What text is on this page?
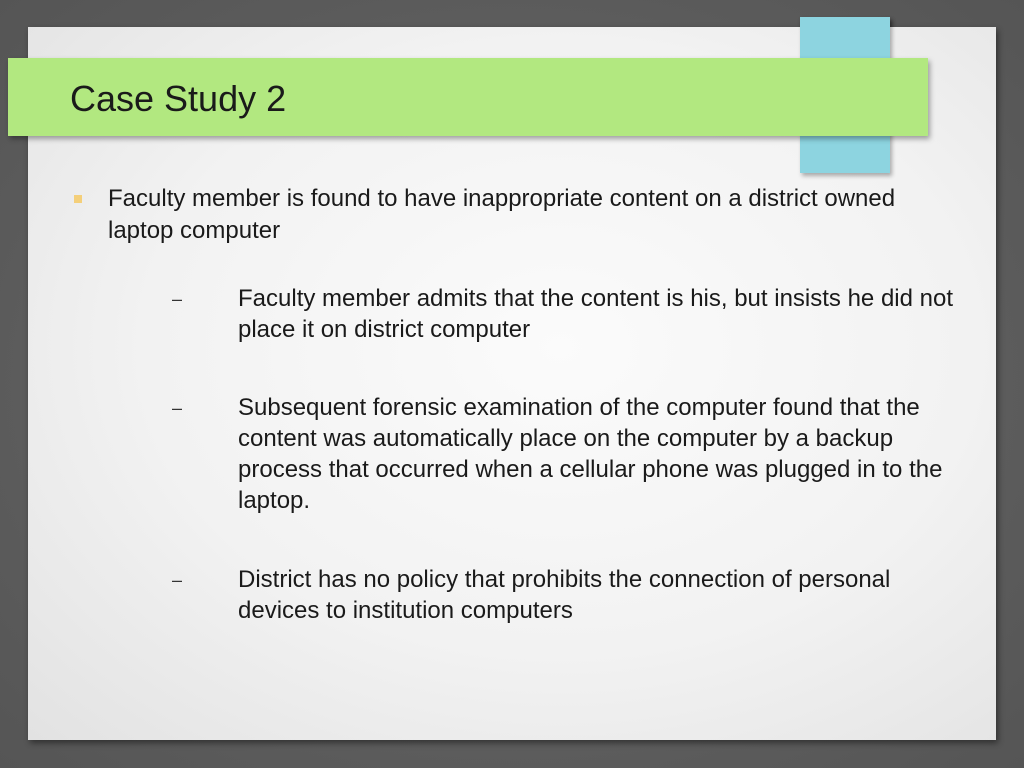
Case Study 2
Faculty member is found to have inappropriate content on a district owned laptop computer
– Faculty member admits that the content is his, but insists he did not place it on district computer
– Subsequent forensic examination of the computer found that the content was automatically place on the computer by a backup process that occurred when a cellular phone was plugged in to the laptop.
– District has no policy that prohibits the connection of personal devices to institution computers
